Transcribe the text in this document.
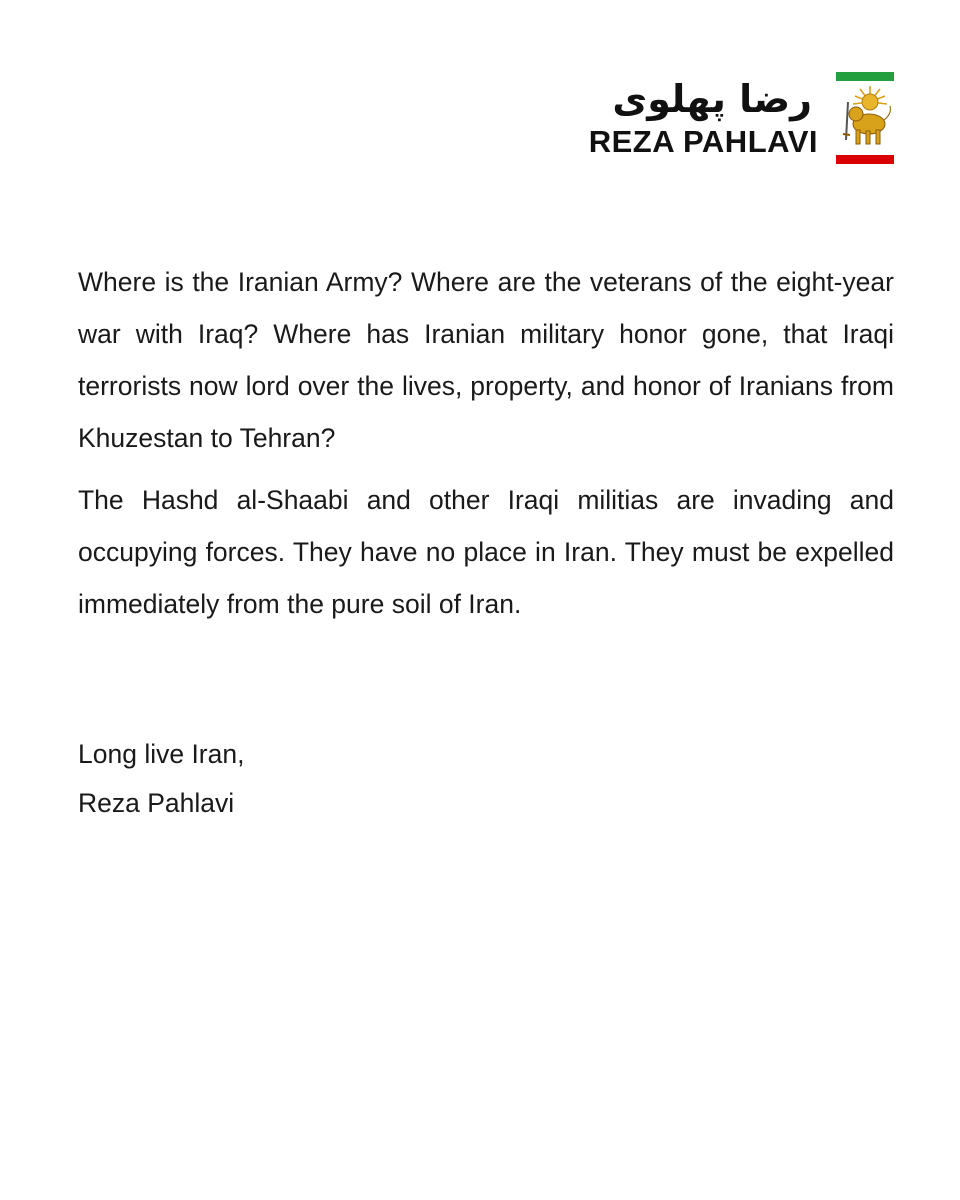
رضا پهلوی
REZA PAHLAVI

Where is the Iranian Army? Where are the veterans of the eight-year war with Iraq? Where has Iranian military honor gone, that Iraqi terrorists now lord over the lives, property, and honor of Iranians from Khuzestan to Tehran?

The Hashd al-Shaabi and other Iraqi militias are invading and occupying forces. They have no place in Iran. They must be expelled immediately from the pure soil of Iran.

Long live Iran,
Reza Pahlavi
